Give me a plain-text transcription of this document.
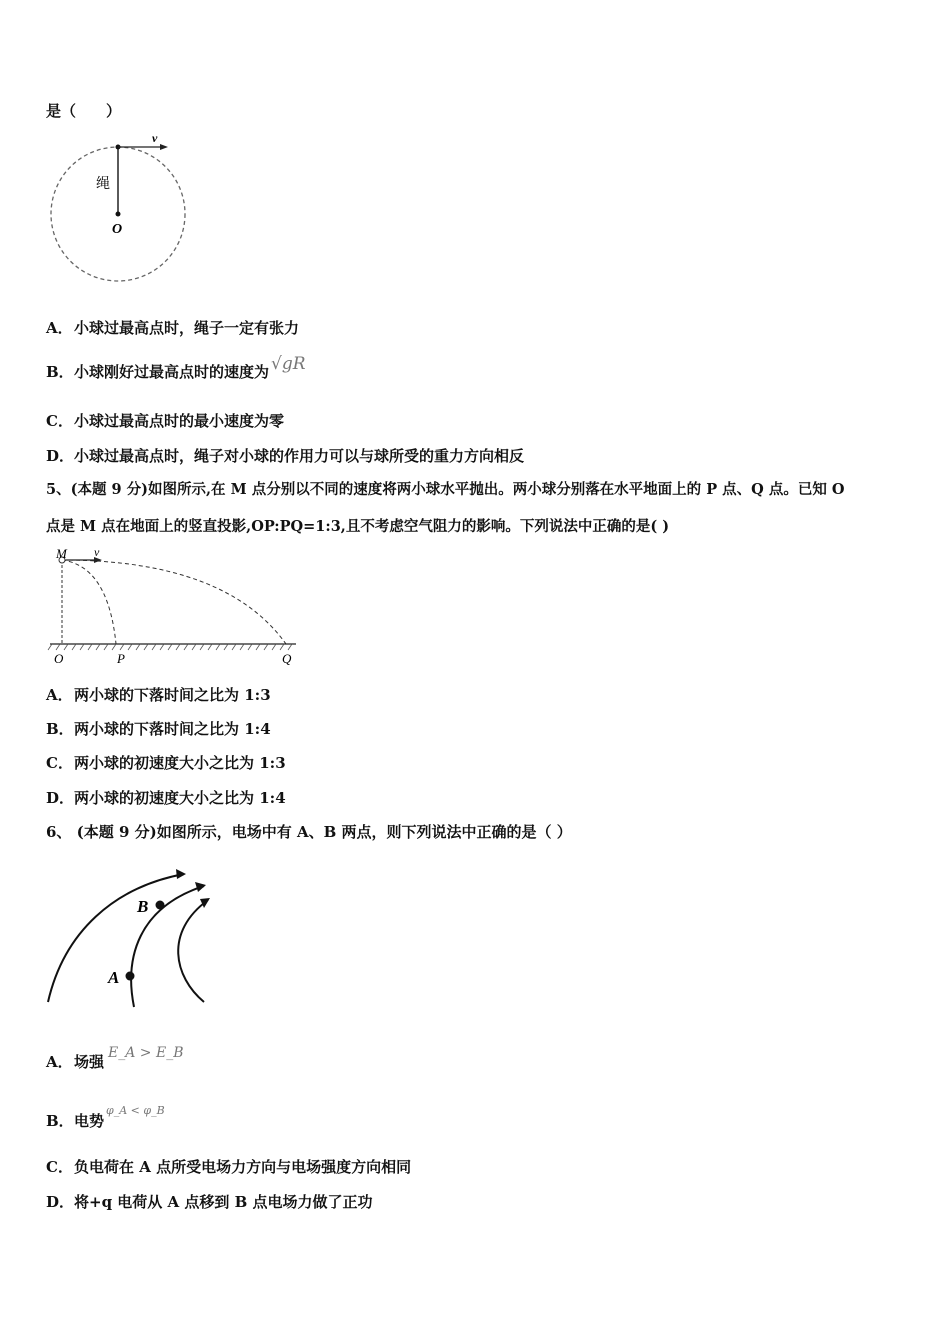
是（　　）
v
绳
O
A．小球过最高点时，绳子一定有张力
B．小球刚好过最高点时的速度为 √gR
C．小球过最高点时的最小速度为零
D．小球过最高点时，绳子对小球的作用力可以与球所受的重力方向相反
5、(本题 9 分)如图所示,在 M 点分别以不同的速度将两小球水平抛出。两小球分别落在水平地面上的 P 点、Q 点。已知 O
点是 M 点在地面上的竖直投影,OP:PQ=1:3,且不考虑空气阻力的影响。下列说法中正确的是( )
M v
O	P	Q
A．两小球的下落时间之比为 1:3
B．两小球的下落时间之比为 1:4
C．两小球的初速度大小之比为 1:3
D．两小球的初速度大小之比为 1:4
6、 (本题 9 分)如图所示，电场中有 A、B 两点，则下列说法中正确的是（ ）
A
B
A．场强 E_A > E_B
B．电势$^{\varphi\_A < \varphi\_B}$
C．负电荷在 A 点所受电场力方向与电场强度方向相同
D．将+q 电荷从 A 点移到 B 点电场力做了正功
